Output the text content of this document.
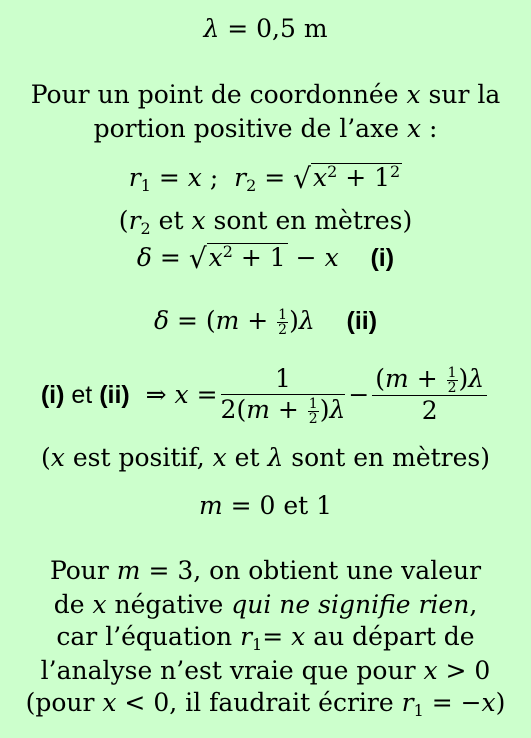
λ = 0,5 m
Pour un point de coordonnée x sur la
portion positive de l’axe x :
$r_1 = x$ ;  $r_2 = √x^2 + 1^2$
($r_2$ et x sont en mètres)
$\delta = √x^2 + 1 - x$ (i)
$\delta = (m + \frac{1}{2} )\lambda$ (ii)
(i) et (ii) ⇒ $x = \frac{1}{2(m + \frac{1}{2} )\lambda} - \frac{(m + \frac{1}{2} )\lambda}{2}$
(x est positif, x et λ sont en mètres)
m = 0 et 1
Pour m = 3, on obtient une valeur
de x négative qui ne signifie rien,
car l’équation $r_1= x$ au départ de
l’analyse n’est vraie que pour x > 0
(pour x < 0, il faudrait écrire $r_1 = -x$)
